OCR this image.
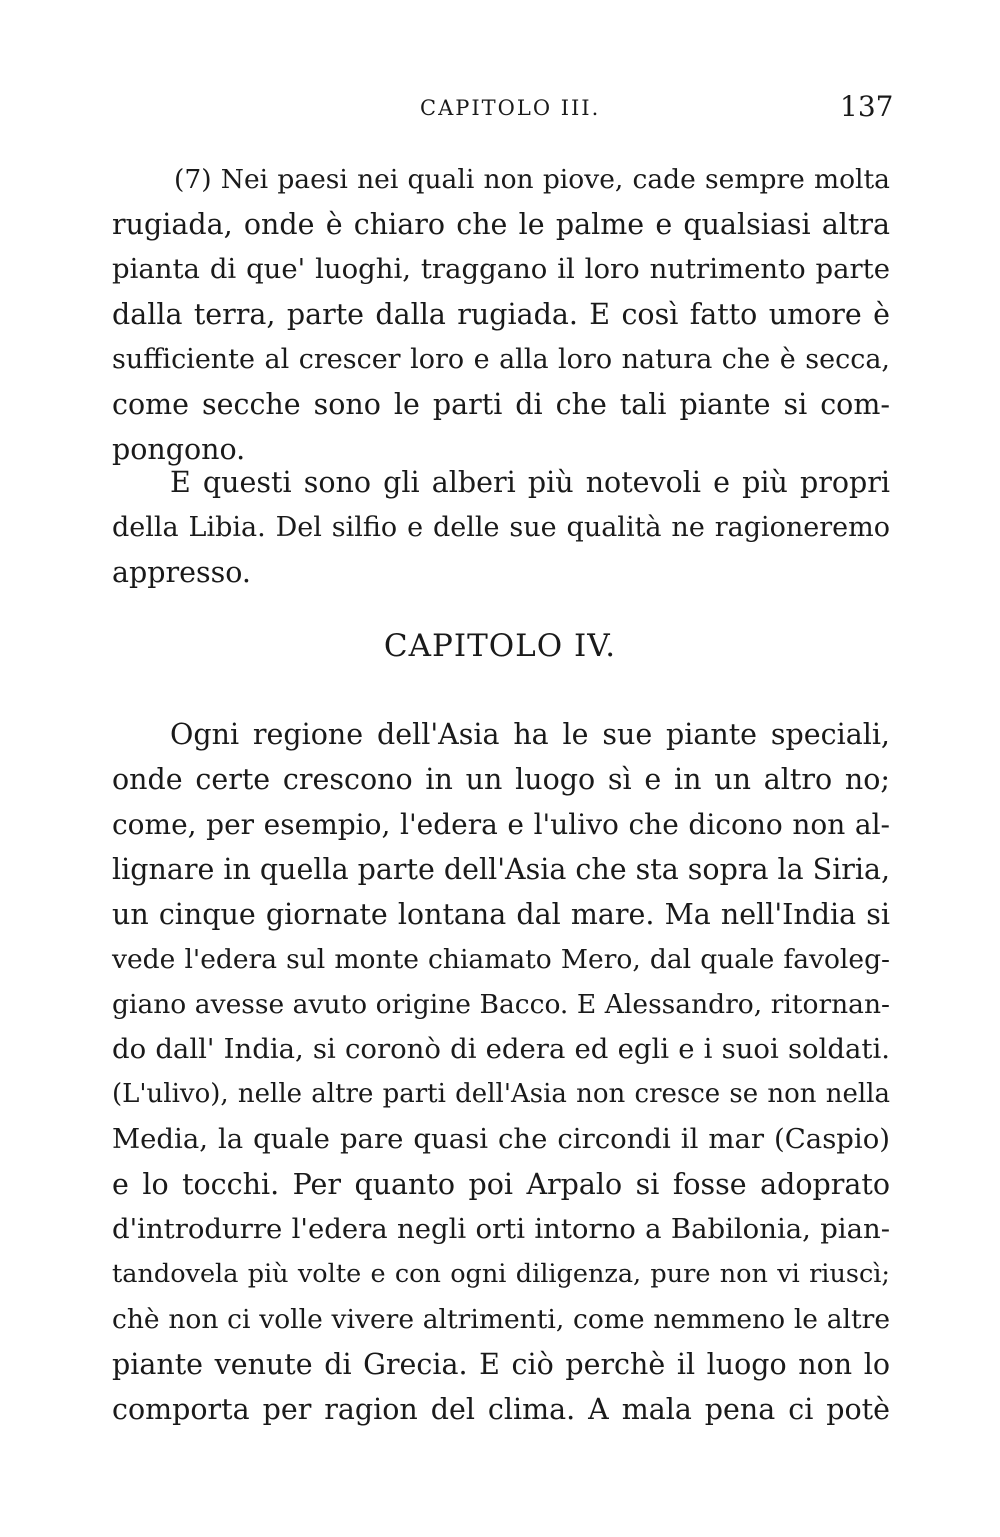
CAPITOLO III.	137
(7) Nei paesi nei quali non piove, cade sempre molta
rugiada, onde è chiaro che le palme e qualsiasi altra
pianta di que' luoghi, traggano il loro nutrimento parte
dalla terra, parte dalla rugiada. E così fatto umore è
sufficiente al crescer loro e alla loro natura che è secca,
come secche sono le parti di che tali piante si com-
pongono.
E questi sono gli alberi più notevoli e più propri
della Libia. Del silfio e delle sue qualità ne ragioneremo
appresso.
CAPITOLO IV.
Ogni regione dell'Asia ha le sue piante speciali,
onde certe crescono in un luogo sì e in un altro no;
come, per esempio, l'edera e l'ulivo che dicono non al-
lignare in quella parte dell'Asia che sta sopra la Siria,
un cinque giornate lontana dal mare. Ma nell'India si
vede l'edera sul monte chiamato Mero, dal quale favoleg-
giano avesse avuto origine Bacco. E Alessandro, ritornan-
do dall' India, si coronò di edera ed egli e i suoi soldati.
(L'ulivo), nelle altre parti dell'Asia non cresce se non nella
Media, la quale pare quasi che circondi il mar (Caspio)
e lo tocchi. Per quanto poi Arpalo si fosse adoprato
d'introdurre l'edera negli orti intorno a Babilonia, pian-
tandovela più volte e con ogni diligenza, pure non vi riuscì;
chè non ci volle vivere altrimenti, come nemmeno le altre
piante venute di Grecia. E ciò perchè il luogo non lo
comporta per ragion del clima. A mala pena ci potè
